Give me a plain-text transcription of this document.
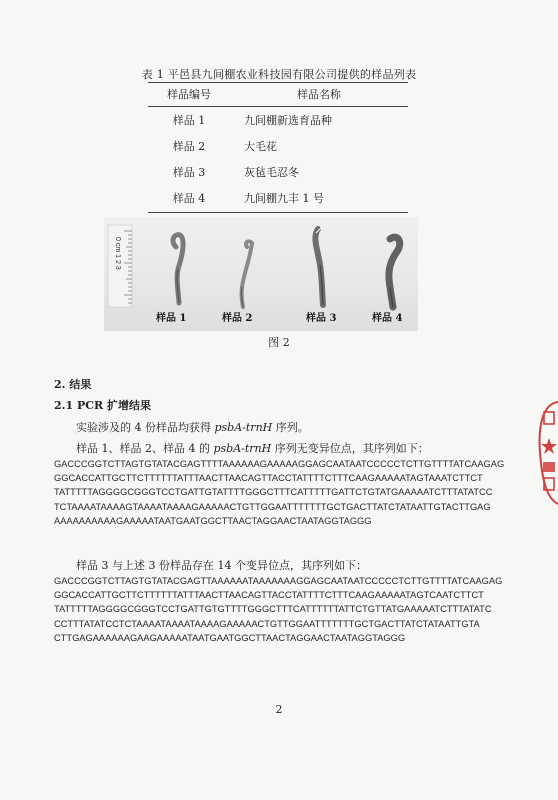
表 1 平邑县九间棚农业科技园有限公司提供的样品列表
样品编号	样品名称
样品 1	九间棚新选育品种
样品 2	大毛花
样品 3	灰毡毛忍冬
样品 4	九间棚九丰 1 号
0 cm 1 2 3
样品 1	样品 2	样品 3	样品 4
图 2
2. 结果
2.1 PCR 扩增结果
实验涉及的 4 份样品均获得 psbA-trnH 序列。
样品 1、样品 2、样品 4 的 psbA-trnH 序列无变异位点，其序列如下：
GACCCGGTCTTAGTGTATACGAGTTTTAAAAAAGAAAAAGGAGCAATAATCCCCCTCTTGTTTTATCAAGAG
GGCACCATTGCTTCTTTTTTATTTAACTTAACAGTTACCTATTTTCTTTCAAGAAAAATAGTAAATCTTCT
TATTTTTAGGGGCGGGTCCTGATTGTATTTTGGGCTTTCATTTTTGATTCTGTATGAAAAATCTTTATATCC
TCTAAAATAAAAGTAAAATAAAAGAAAAACTGTTGGAATTTTTTTGCTGACTTATCTATAATTGTACTTGAG
AAAAAAAAAAGAAAAATAATGAATGGCTTAACTAGGAACTAATAGGTAGGG
样品 3 与上述 3 份样品存在 14 个变异位点，其序列如下：
GACCCGGTCTTAGTGTATACGAGTTAAAAAATAAAAAAAGGAGCAATAATCCCCCTCTTGTTTTATCAAGAG
GGCACCATTGCTTCTTTTTTATTTAACTTAACAGTTACCTATTTTCTTTCAAGAAAAATAGTCAATCTTCT
TATTTTTAGGGGCGGGTCCTGATTGTGTTTTGGGCTTTCATTTTTTATTCTGTTATGAAAAATCTTTATATC
CCTTTATATCCTCTAAAATAAAATAAAAGAAAAACTGTTGGAATTTTTTTGCTGACTTATCTATAATTGTA
CTTGAGAAAAAAGAAGAAAAATAATGAATGGCTTAACTAGGAACTAATAGGTAGGG
2
